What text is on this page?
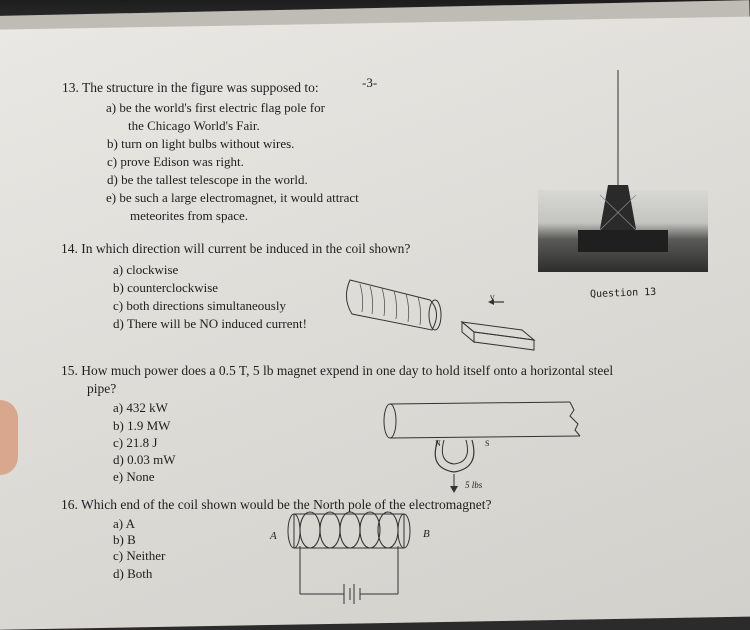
-3-
13. The structure in the figure was supposed to:
a) be the world's first electric flag pole for
the Chicago World's Fair.
b) turn on light bulbs without wires.
c) prove Edison was right.
d) be the tallest telescope in the world.
e) be such a large electromagnet, it would attract
meteorites from space.
Question 13
14. In which direction will current be induced in the coil shown?
a) clockwise
b) counterclockwise
c) both directions simultaneously
d) There will be NO induced current!
v
15. How much power does a 0.5 T, 5 lb magnet expend in one day to hold itself onto a horizontal steel
pipe?
a) 432 kW
b) 1.9 MW
c) 21.8 J
d) 0.03 mW
e) None
N	S
5 lbs
16. Which end of the coil shown would be the North pole of the electromagnet?
a) A
b) B
c) Neither
d) Both
A	B
